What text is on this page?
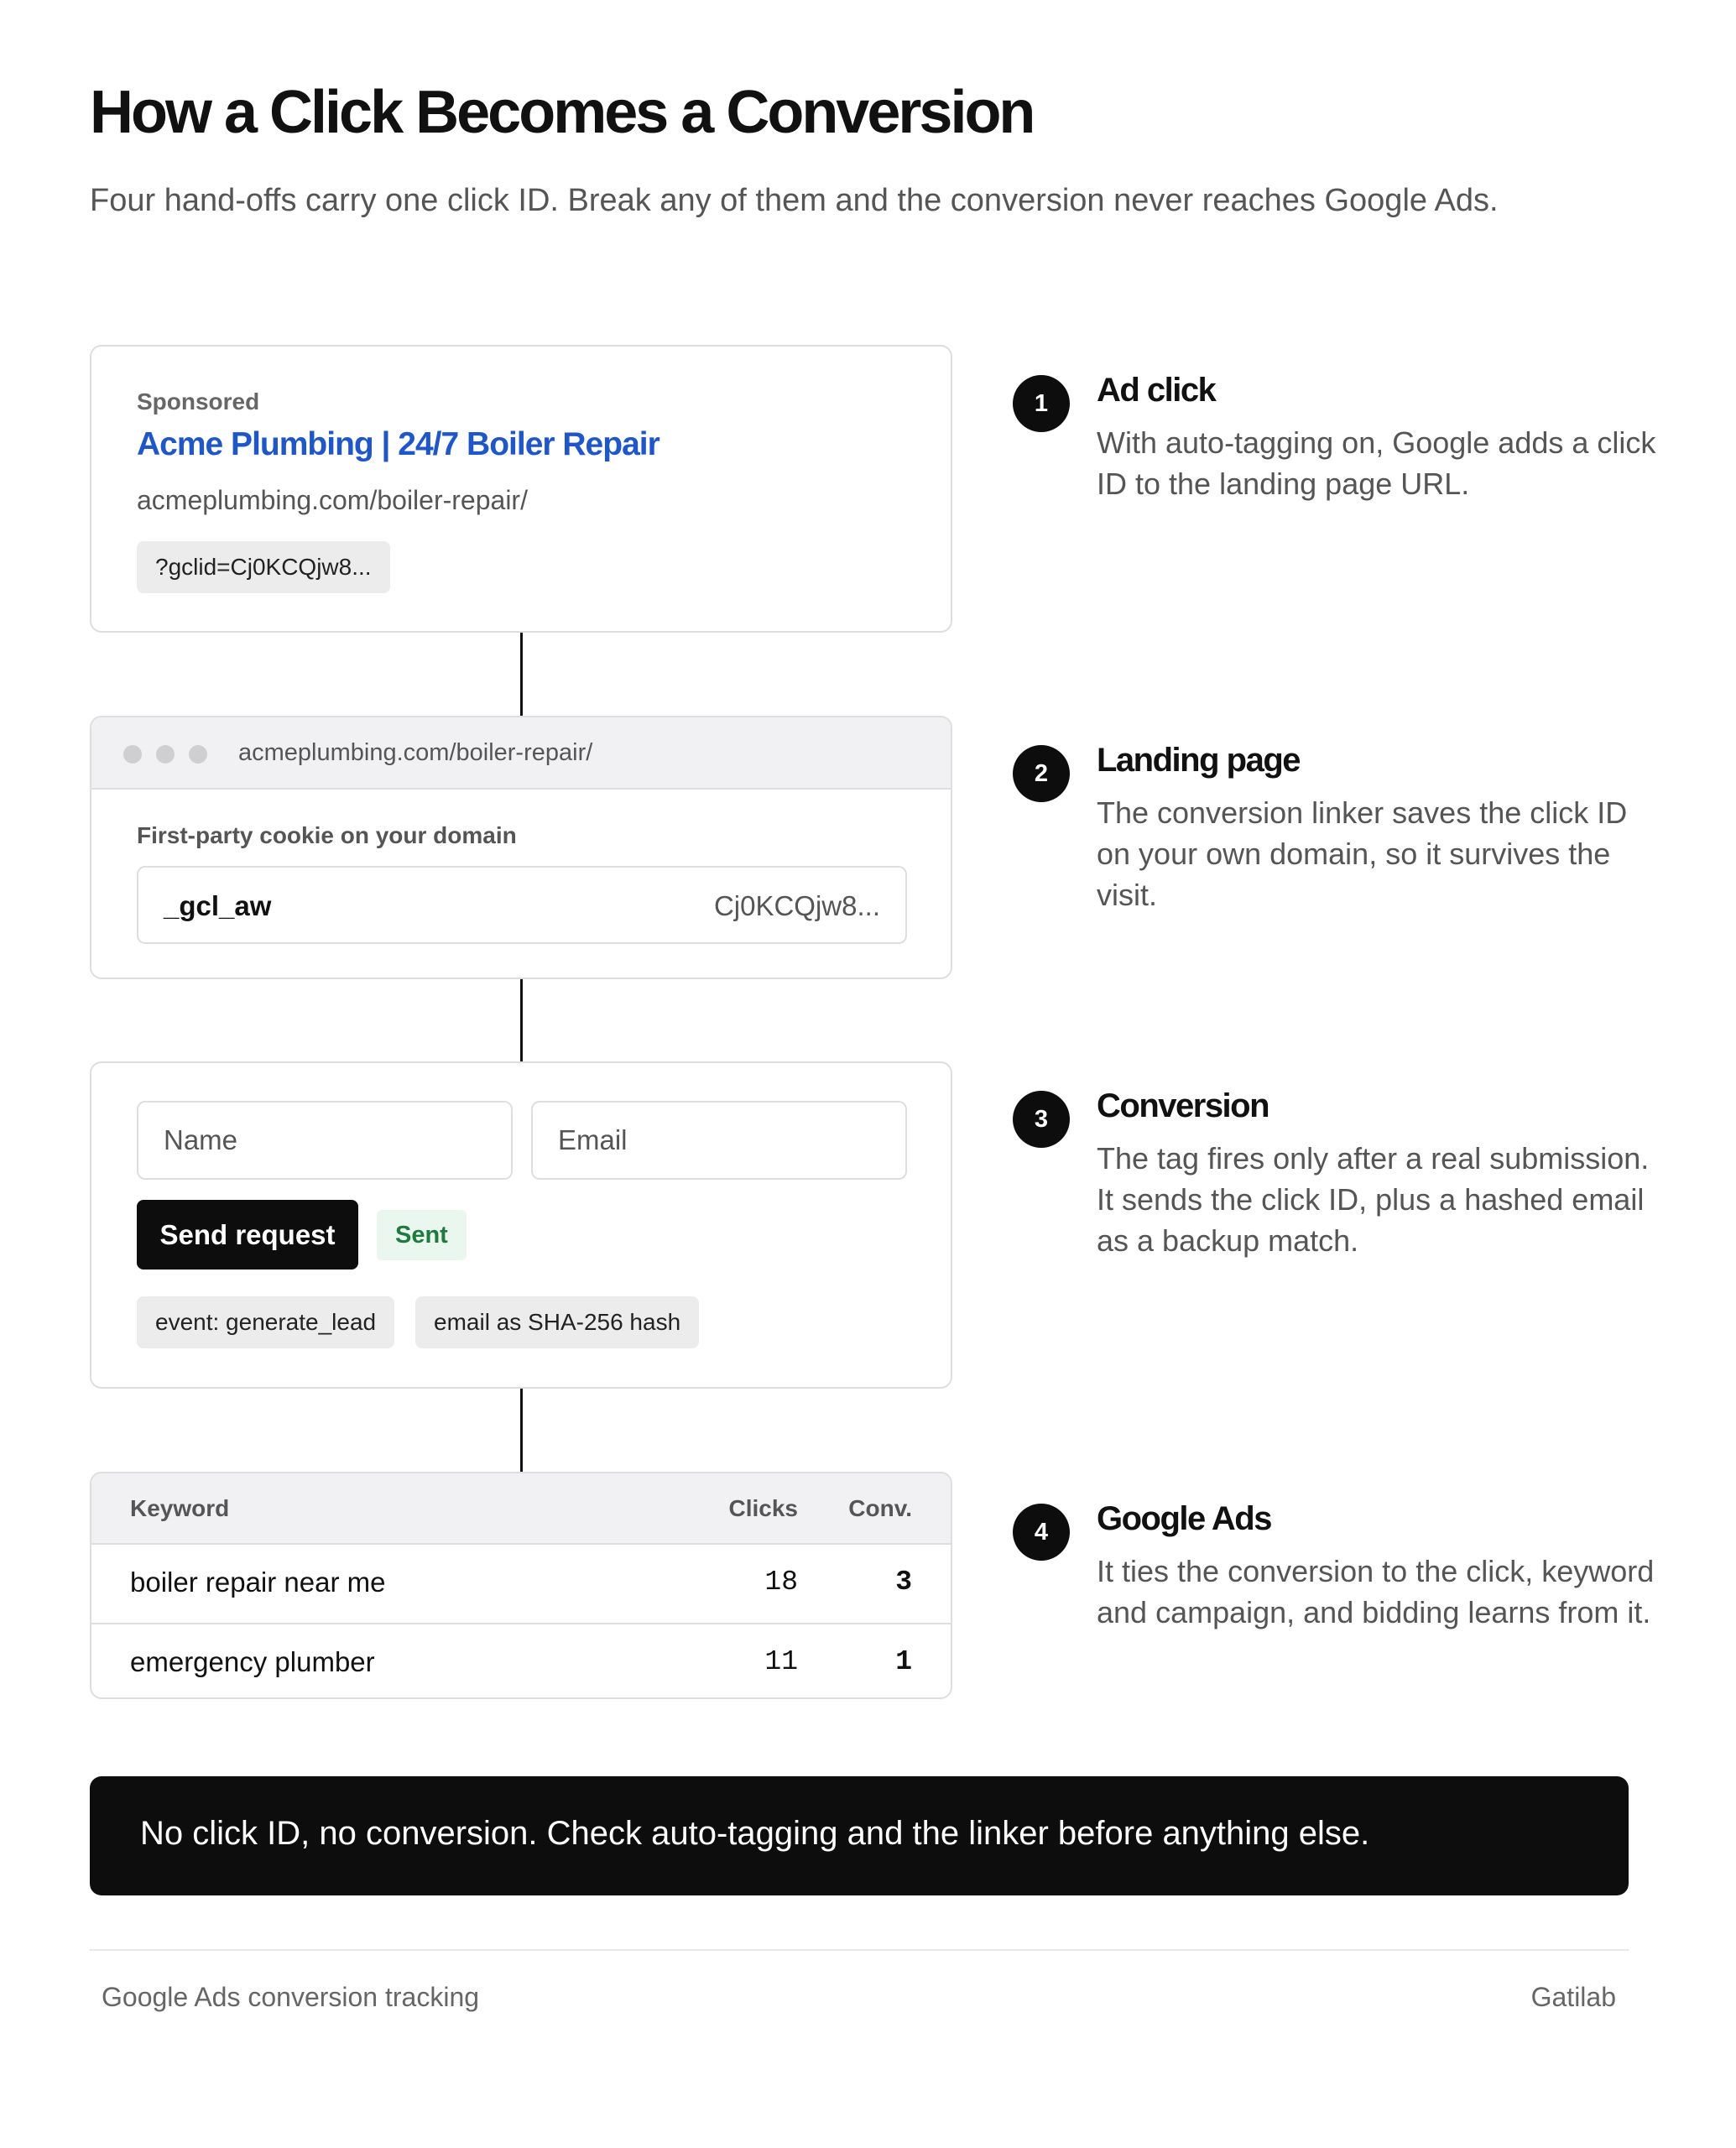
How a Click Becomes a Conversion
Four hand-offs carry one click ID. Break any of them and the conversion never reaches Google Ads.
Sponsored
Acme Plumbing | 24/7 Boiler Repair
acmeplumbing.com/boiler-repair/
?gclid=Cj0KCQjw8...
acmeplumbing.com/boiler-repair/
First-party cookie on your domain
_gcl_aw	Cj0KCQjw8...
Name	Email
Send request	Sent
event: generate_lead	email as SHA-256 hash
Keyword	Clicks Conv.
boiler repair near me	18	3
emergency plumber	11	1
1	Ad click
With auto-tagging on, Google adds a click ID to the landing page URL.
2	Landing page
The conversion linker saves the click ID on your own domain, so it survives the visit.
3	Conversion
The tag fires only after a real submission. It sends the click ID, plus a hashed email as a backup match.
4	Google Ads
It ties the conversion to the click, keyword and campaign, and bidding learns from it.
No click ID, no conversion. Check auto-tagging and the linker before anything else.
Google Ads conversion tracking	Gatilab
